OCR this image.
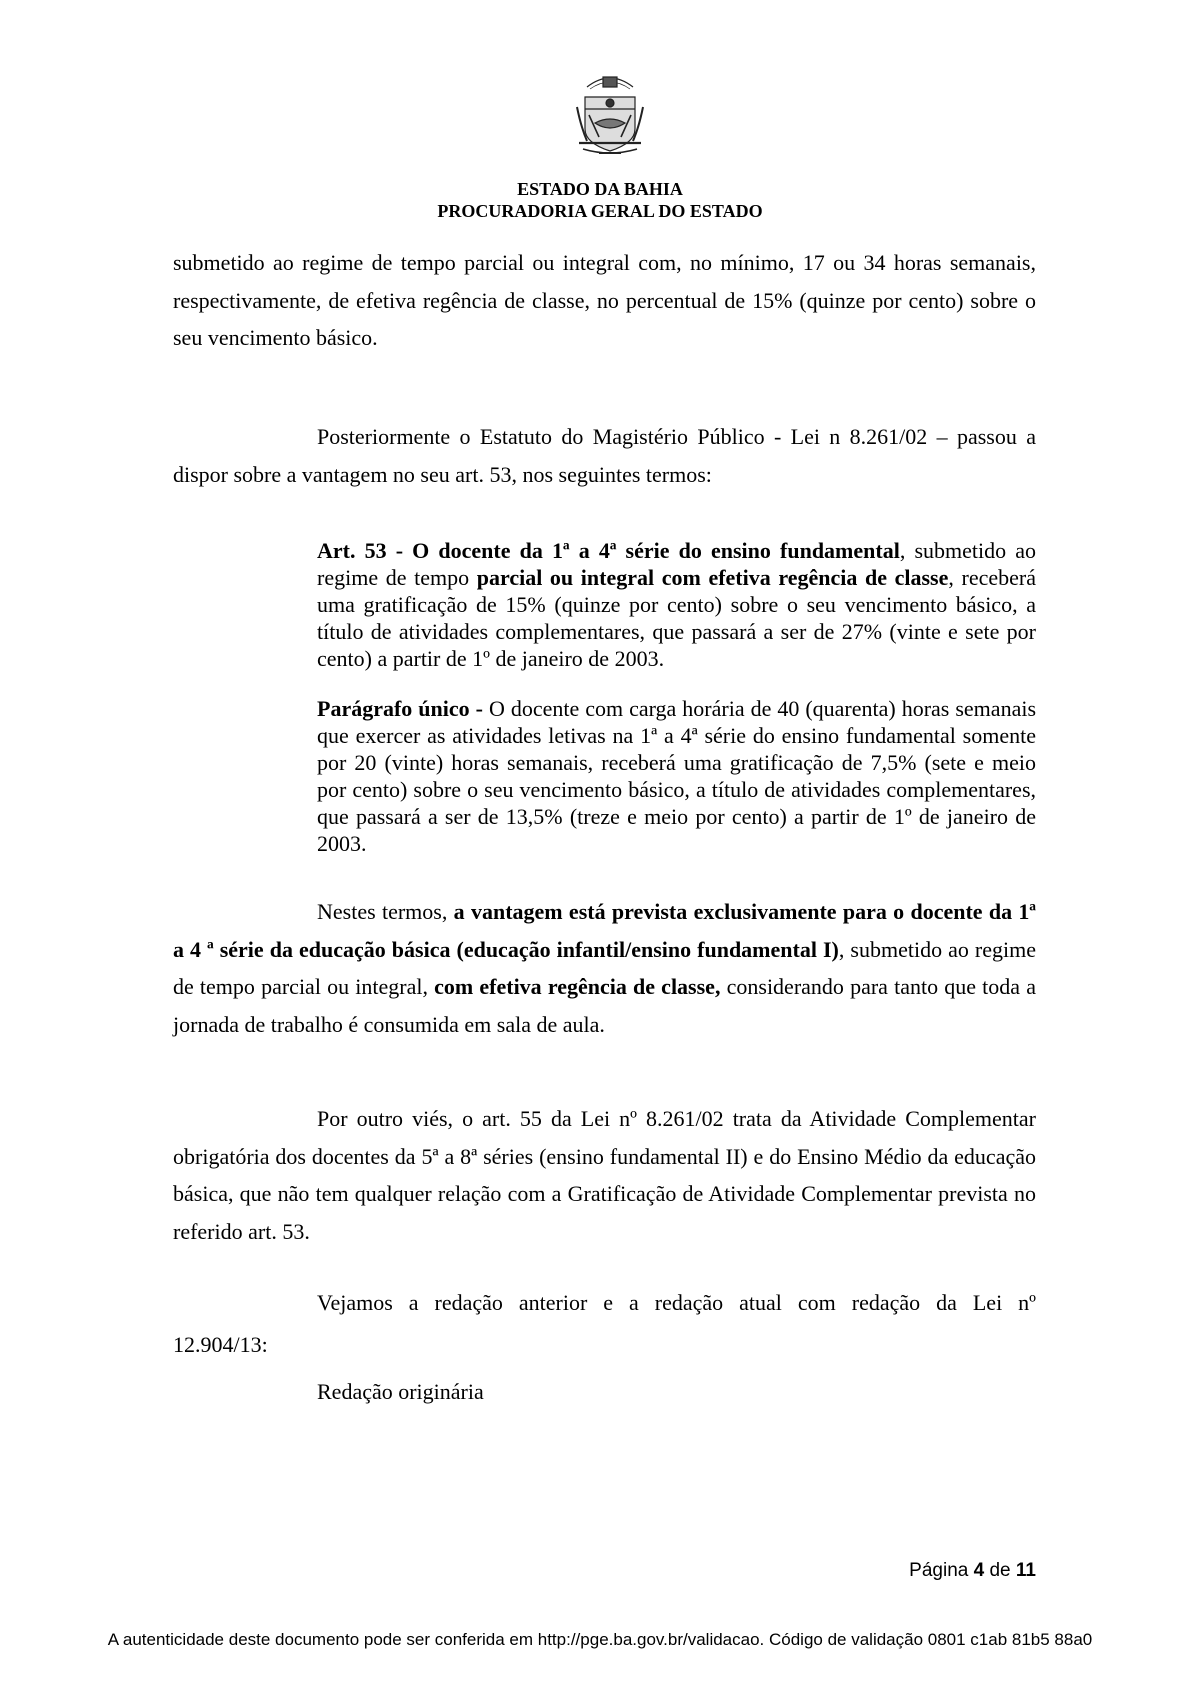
ESTADO DA BAHIA
PROCURADORIA GERAL DO ESTADO

submetido ao regime de tempo parcial ou integral com, no mínimo, 17 ou 34 horas semanais, respectivamente, de efetiva regência de classe, no percentual de 15% (quinze por cento) sobre o seu vencimento básico.

Posteriormente o Estatuto do Magistério Público - Lei n 8.261/02 – passou a dispor sobre a vantagem no seu art. 53, nos seguintes termos:

Art. 53 - O docente da 1ª a 4ª série do ensino fundamental, submetido ao regime de tempo parcial ou integral com efetiva regência de classe, receberá uma gratificação de 15% (quinze por cento) sobre o seu vencimento básico, a título de atividades complementares, que passará a ser de 27% (vinte e sete por cento) a partir de 1º de janeiro de 2003.

Parágrafo único - O docente com carga horária de 40 (quarenta) horas semanais que exercer as atividades letivas na 1ª a 4ª série do ensino fundamental somente por 20 (vinte) horas semanais, receberá uma gratificação de 7,5% (sete e meio por cento) sobre o seu vencimento básico, a título de atividades complementares, que passará a ser de 13,5% (treze e meio por cento) a partir de 1º de janeiro de 2003.

Nestes termos, a vantagem está prevista exclusivamente para o docente da 1ª a 4 ª série da educação básica (educação infantil/ensino fundamental I), submetido ao regime de tempo parcial ou integral, com efetiva regência de classe, considerando para tanto que toda a jornada de trabalho é consumida em sala de aula.

Por outro viés, o art. 55 da Lei nº 8.261/02 trata da Atividade Complementar obrigatória dos docentes da 5ª a 8ª séries (ensino fundamental II) e do Ensino Médio da educação básica, que não tem qualquer relação com a Gratificação de Atividade Complementar prevista no referido art. 53.

Vejamos a redação anterior e a redação atual com redação da Lei nº

12.904/13:

Redação originária

Página 4 de 11
A autenticidade deste documento pode ser conferida em http://pge.ba.gov.br/validacao. Código de validação 0801 c1ab 81b5 88a0
